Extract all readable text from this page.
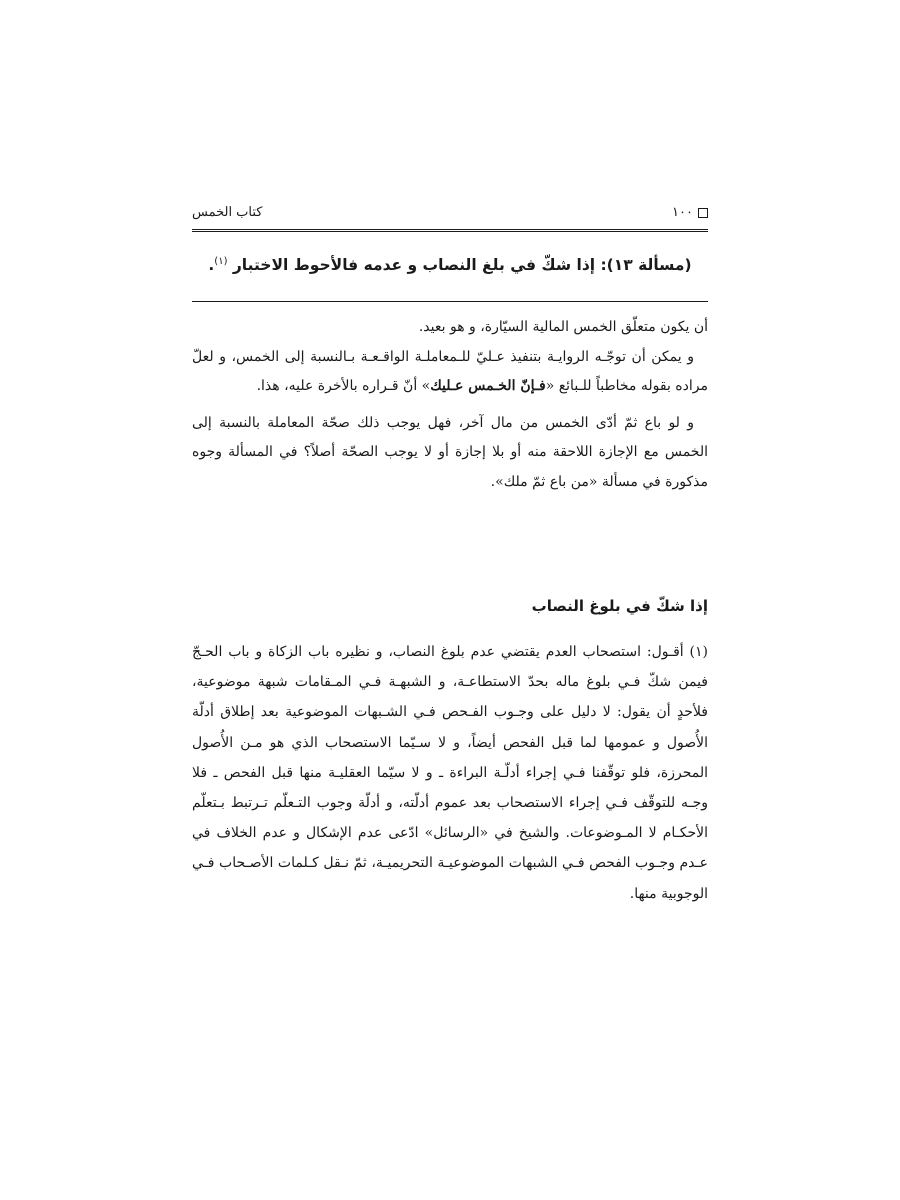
١٠٠
كتاب الخمس
(مسألة ١٣): إذا شكّ في بلغ النصاب و عدمه فالأحوط الاختبار $^{(١)}$.

أن يكون متعلّق الخمس المالية السيّارة، و هو بعيد.

و يمكن أن توجّـه الروايـة بتنفيذ عـليّ للـمعاملـة الواقـعـة بـالنسبة إلى الخمس، و لعلّ مراده بقوله مخاطباً للـبائع «فـإنّ الخـمس عـليك» أنّ قـراره بالأخرة عليه، هذا.

و لو باع ثمّ أدّى الخمس من مال آخر، فهل يوجب ذلك صحّة المعاملة بالنسبة إلى الخمس مع الإجازة اللاحقة منه أو بلا إجازة أو لا يوجب الصحّة أصلاً؟ في المسألة وجوه مذكورة في مسألة «من باع ثمّ ملك».

إذا شكّ في بلوغ النصاب

(١) أقـول: استصحاب العدم يقتضي عدم بلوغ النصاب، و نظيره باب الزكاة و باب الحـجّ فيمن شكّ فـي بلوغ ماله بحدّ الاستطاعـة، و الشبهـة فـي المـقامات شبهة موضوعية، فلأحدٍ أن يقول: لا دليل على وجـوب الفـحص فـي الشـبهات الموضوعية بعد إطلاق أدلّة الأُصول و عمومها لما قبل الفحص أيضاً، و لا سـيّما الاستصحاب الذي هو مـن الأُصول المحرزة، فلو توقّفنا فـي إجراء أدلّـة البراءة ـ و لا سيّما العقليـة منها قبل الفحص ـ فلا وجـه للتوقّف فـي إجراء الاستصحاب بعد عموم أدلّته، و أدلّة وجوب التـعلّم تـرتبط بـتعلّم الأحكـام لا المـوضوعات. والشيخ في «الرسائل» ادّعى عدم الإشكال و عدم الخلاف في عـدم وجـوب الفحص فـي الشبهات الموضوعيـة التحريميـة، ثمّ نـقل كـلمات الأصـحاب فـي الوجوبية منها.
